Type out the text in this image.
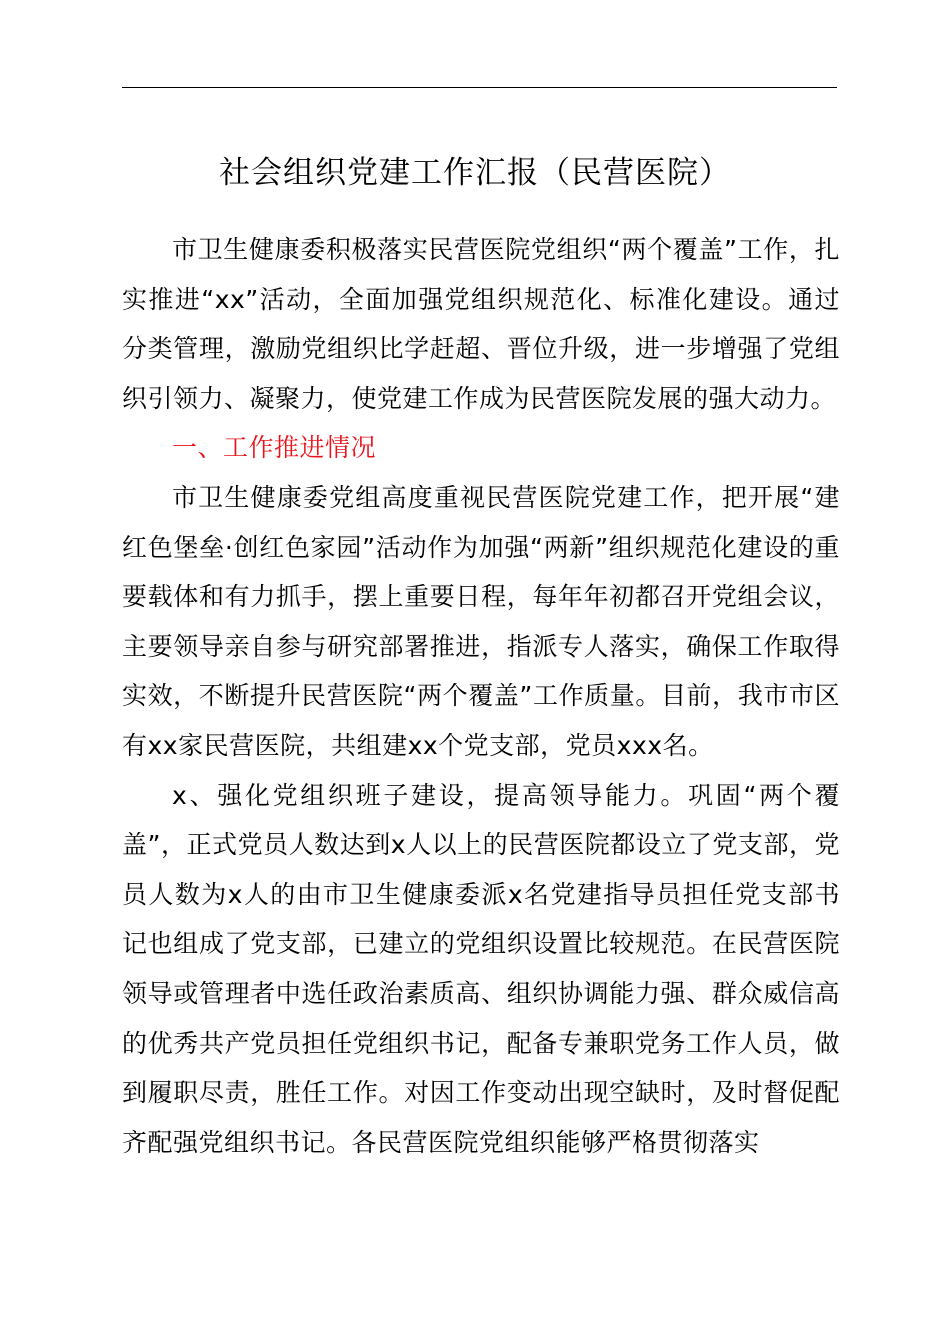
社会组织党建工作汇报（民营医院）

市卫生健康委积极落实民营医院党组织“两个覆盖”工作，扎实推进“xx”活动，全面加强党组织规范化、标准化建设。通过分类管理，激励党组织比学赶超、晋位升级，进一步增强了党组织引领力、凝聚力，使党建工作成为民营医院发展的强大动力。

一、工作推进情况

市卫生健康委党组高度重视民营医院党建工作，把开展“建红色堡垒·创红色家园”活动作为加强“两新”组织规范化建设的重要载体和有力抓手，摆上重要日程，每年年初都召开党组会议，主要领导亲自参与研究部署推进，指派专人落实，确保工作取得实效，不断提升民营医院“两个覆盖”工作质量。目前，我市市区有xx家民营医院，共组建xx个党支部，党员xxx名。

x、强化党组织班子建设，提高领导能力。巩固“两个覆盖”，正式党员人数达到x人以上的民营医院都设立了党支部，党员人数为x人的由市卫生健康委派x名党建指导员担任党支部书记也组成了党支部，已建立的党组织设置比较规范。在民营医院领导或管理者中选任政治素质高、组织协调能力强、群众威信高的优秀共产党员担任党组织书记，配备专兼职党务工作人员，做到履职尽责，胜任工作。对因工作变动出现空缺时，及时督促配齐配强党组织书记。各民营医院党组织能够严格贯彻落实
